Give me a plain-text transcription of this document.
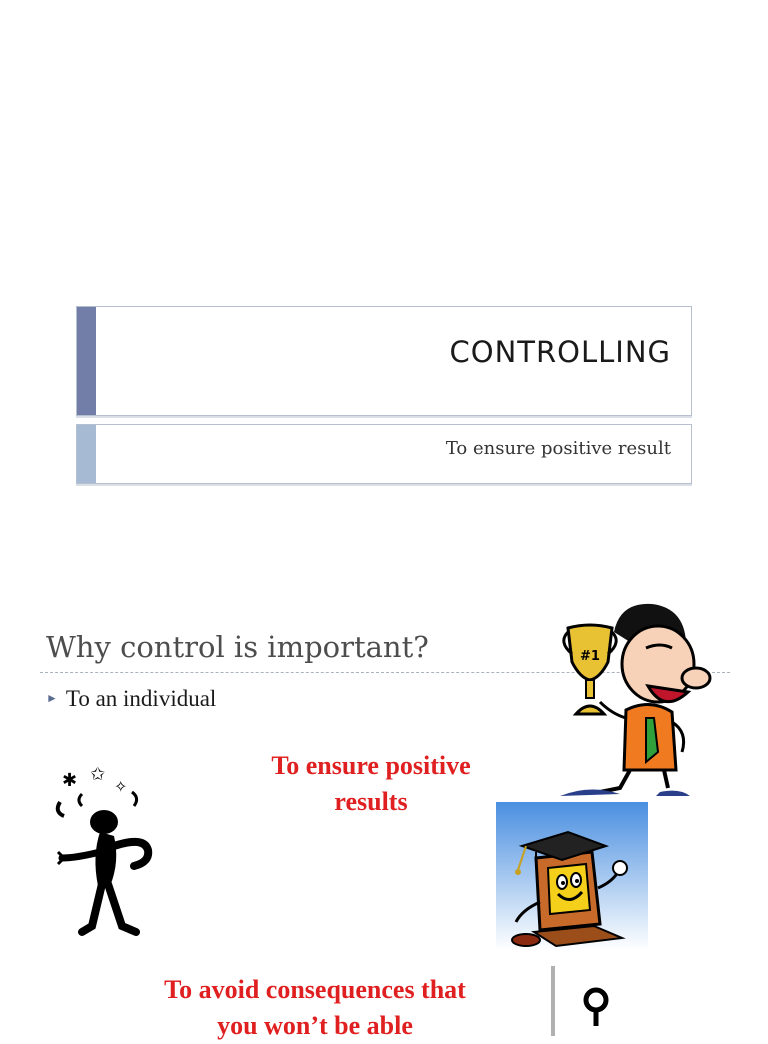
CONTROLLING
To ensure positive result
Why control is important?
► To an individual
To ensure positive results
To avoid consequences that you won’t be able
#1
✱ ✩
✧
